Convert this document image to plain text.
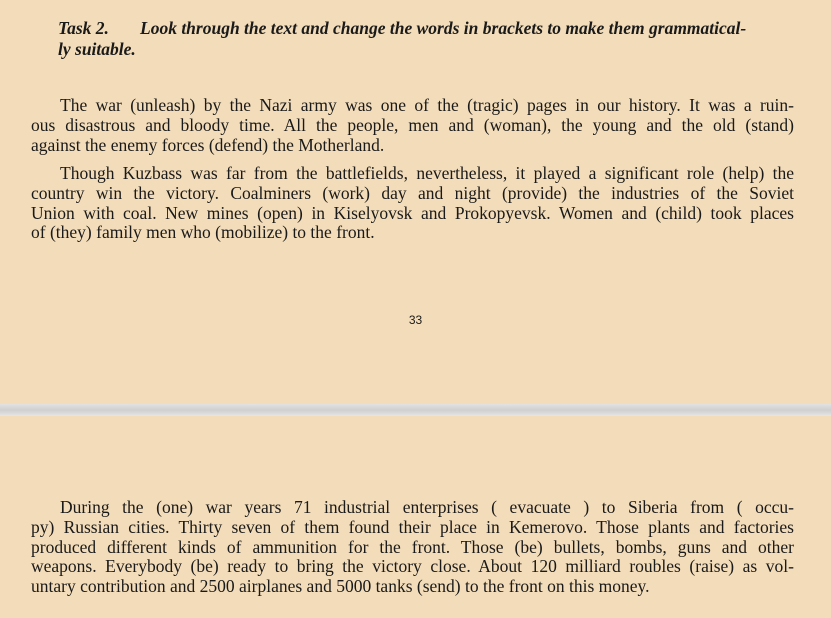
Task 2. Look through the text and change the words in brackets to make them grammatical-
ly suitable.
The war (unleash) by the Nazi army was one of the (tragic) pages in our history. It was a ruin-
ous disastrous and bloody time. All the people, men and (woman), the young and the old (stand)
against the enemy forces (defend) the Motherland.
Though Kuzbass was far from the battlefields, nevertheless, it played a significant role (help) the
country win the victory. Coalminers (work) day and night (provide) the industries of the Soviet
Union with coal. New mines (open) in Kiselyovsk and Prokopyevsk. Women and (child) took places
of (they) family men who (mobilize) to the front.
33
During the (one) war years 71 industrial enterprises ( evacuate ) to Siberia from ( occu-
py) Russian cities. Thirty seven of them found their place in Kemerovo. Those plants and factories
produced different kinds of ammunition for the front. Those (be) bullets, bombs, guns and other
weapons. Everybody (be) ready to bring the victory close. About 120 milliard roubles (raise) as vol-
untary contribution and 2500 airplanes and 5000 tanks (send) to the front on this money.
